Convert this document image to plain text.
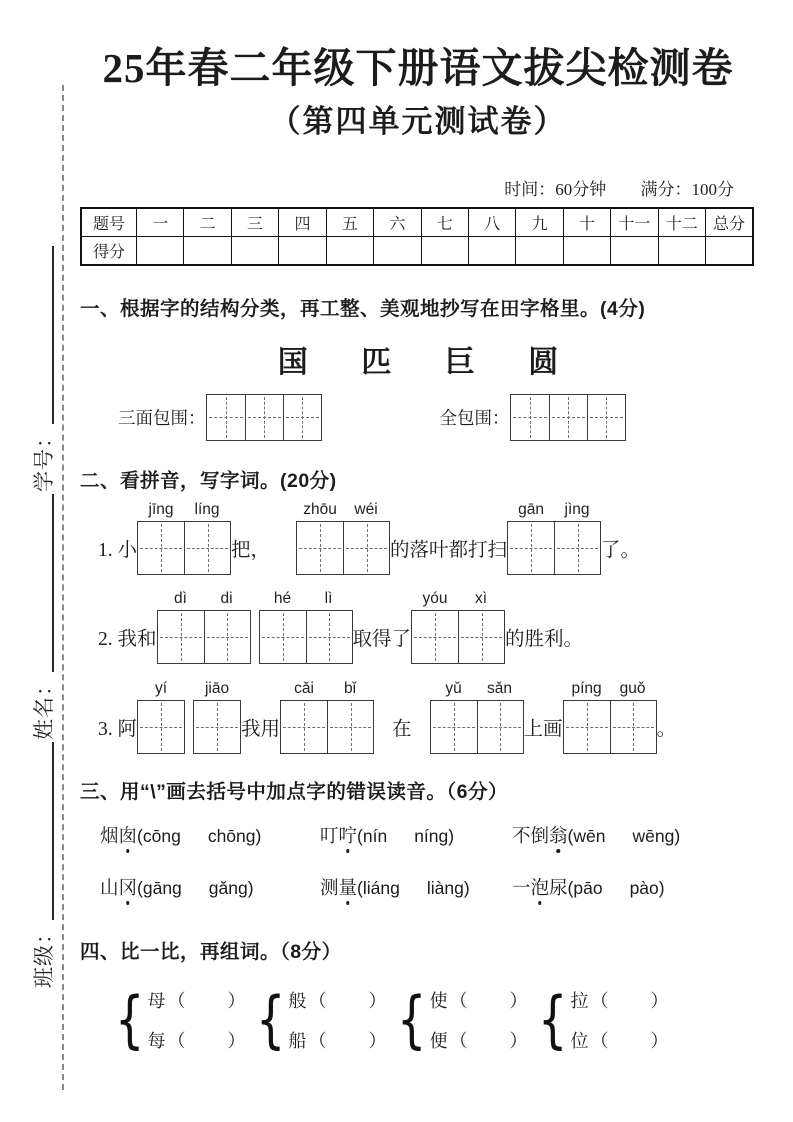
班级：
姓名：
学号：
25年春二年级下册语文拔尖检测卷
（第四单元测试卷）
时间：60分钟 满分：100分
题号	一	二	三	四	五	六	七	八	九	十	十一	十二	总分
得分													
一、根据字的结构分类，再工整、美观地抄写在田字格里。(4分)
国 匹 巨 圆
三面包围：	全包围：
二、看拼音，写字词。(20分)
1. 小
jīng	líng
把，
zhōu	wéi
的落叶都打扫
gān	jìng
了。
2. 我和
dì	di	hé	lì
取得了
yóu	xì
的胜利。
3. 阿
yí	jiāo
我用
cǎi	bǐ
在
yǔ	sǎn
上画
píng	guǒ
。
三、用“\”画去括号中加点字的错误读音。（6分）
烟 囱 (cōng chōng)	叮 咛 (nín níng)	不倒 翁 (wēn wēng)
山 冈 (gāng gǎng)	测 量 (liáng liàng) 一 泡 尿 (pāo pào)
四、比一比，再组词。（8分）
{
母 （ ）
每 （ ）
{
般 （ ）
船 （ ）
{
使 （ ）
便 （ ）
{
拉 （ ）
位 （ ）
